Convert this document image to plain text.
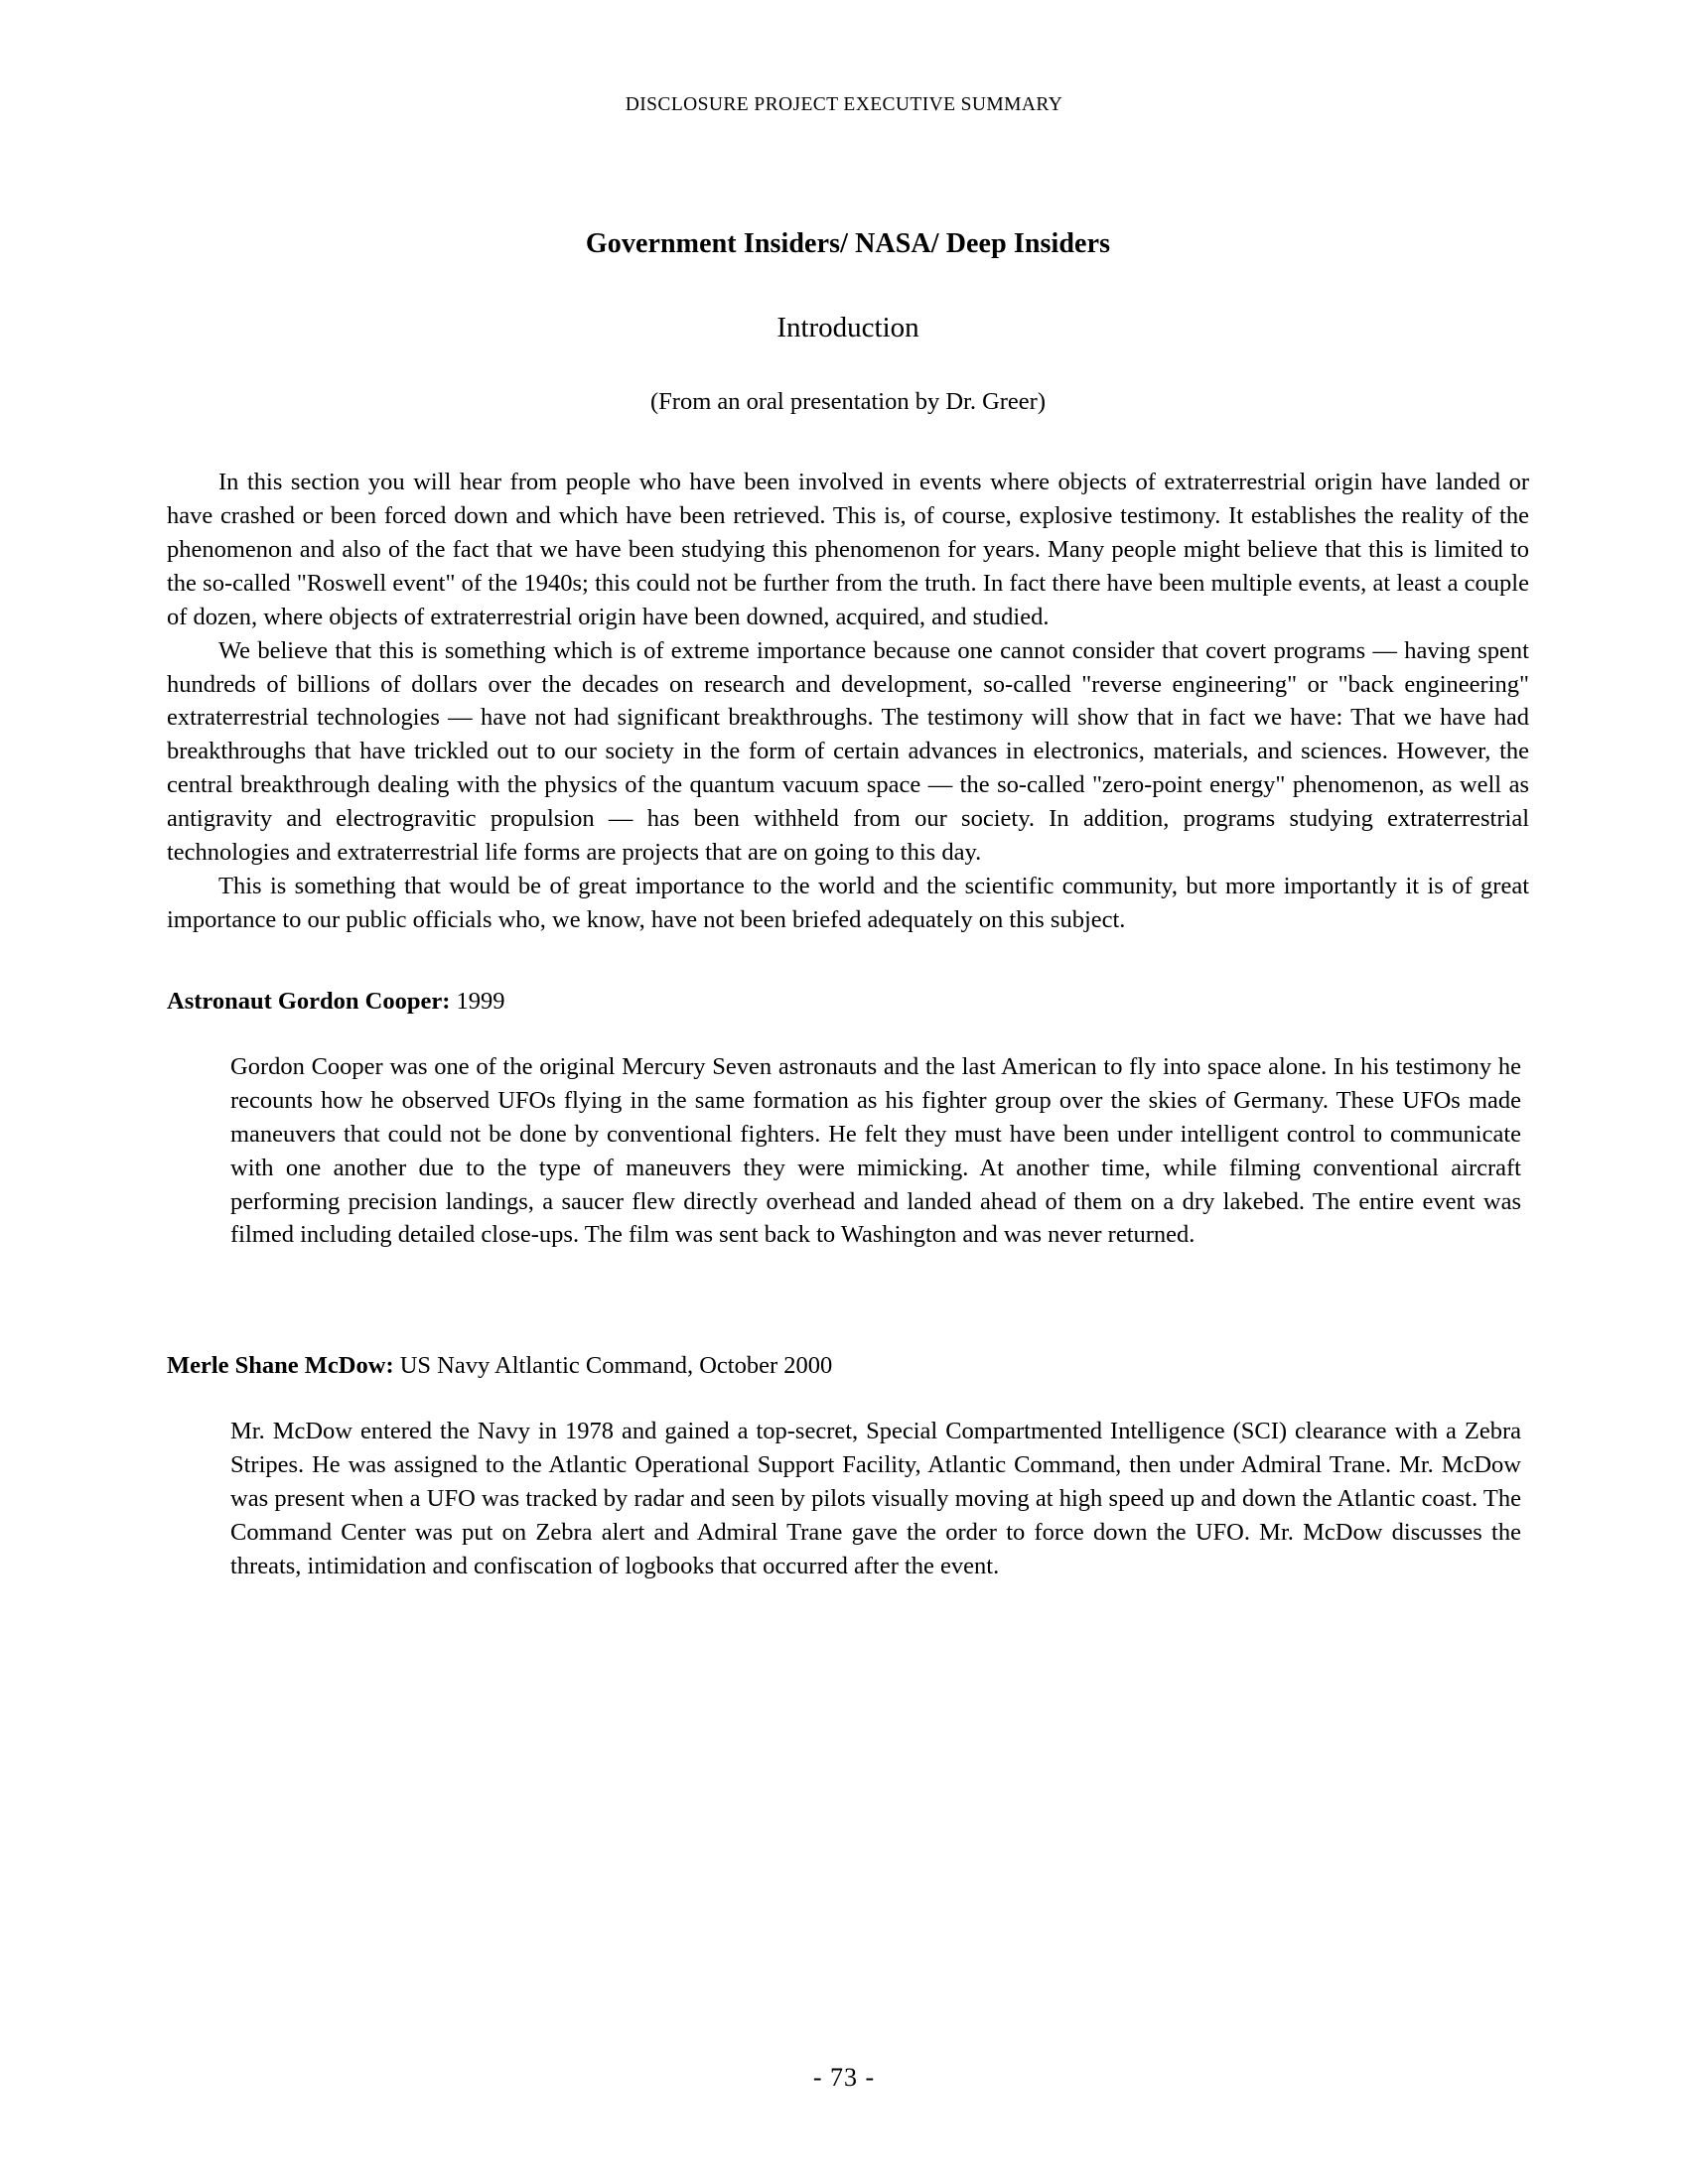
DISCLOSURE PROJECT EXECUTIVE SUMMARY
Government Insiders/ NASA/ Deep Insiders
Introduction
(From an oral presentation by Dr. Greer)

In this section you will hear from people who have been involved in events where objects of extraterrestrial origin have landed or have crashed or been forced down and which have been retrieved. This is, of course, explosive testimony. It establishes the reality of the phenomenon and also of the fact that we have been studying this phenomenon for years. Many people might believe that this is limited to the so-called "Roswell event" of the 1940s; this could not be further from the truth. In fact there have been multiple events, at least a couple of dozen, where objects of extraterrestrial origin have been downed, acquired, and studied.

We believe that this is something which is of extreme importance because one cannot consider that covert programs — having spent hundreds of billions of dollars over the decades on research and development, so-called "reverse engineering" or "back engineering" extraterrestrial technologies — have not had significant breakthroughs. The testimony will show that in fact we have: That we have had breakthroughs that have trickled out to our society in the form of certain advances in electronics, materials, and sciences. However, the central breakthrough dealing with the physics of the quantum vacuum space — the so-called "zero-point energy" phenomenon, as well as antigravity and electrogravitic propulsion — has been withheld from our society. In addition, programs studying extraterrestrial technologies and extraterrestrial life forms are projects that are on going to this day.

This is something that would be of great importance to the world and the scientific community, but more importantly it is of great importance to our public officials who, we know, have not been briefed adequately on this subject.

Astronaut Gordon Cooper: 1999

Gordon Cooper was one of the original Mercury Seven astronauts and the last American to fly into space alone. In his testimony he recounts how he observed UFOs flying in the same formation as his fighter group over the skies of Germany. These UFOs made maneuvers that could not be done by conventional fighters. He felt they must have been under intelligent control to communicate with one another due to the type of maneuvers they were mimicking. At another time, while filming conventional aircraft performing precision landings, a saucer flew directly overhead and landed ahead of them on a dry lakebed. The entire event was filmed including detailed close-ups. The film was sent back to Washington and was never returned.

Merle Shane McDow: US Navy Altlantic Command, October 2000

Mr. McDow entered the Navy in 1978 and gained a top-secret, Special Compartmented Intelligence (SCI) clearance with a Zebra Stripes. He was assigned to the Atlantic Operational Support Facility, Atlantic Command, then under Admiral Trane. Mr. McDow was present when a UFO was tracked by radar and seen by pilots visually moving at high speed up and down the Atlantic coast. The Command Center was put on Zebra alert and Admiral Trane gave the order to force down the UFO. Mr. McDow discusses the threats, intimidation and confiscation of logbooks that occurred after the event.

- 73 -
